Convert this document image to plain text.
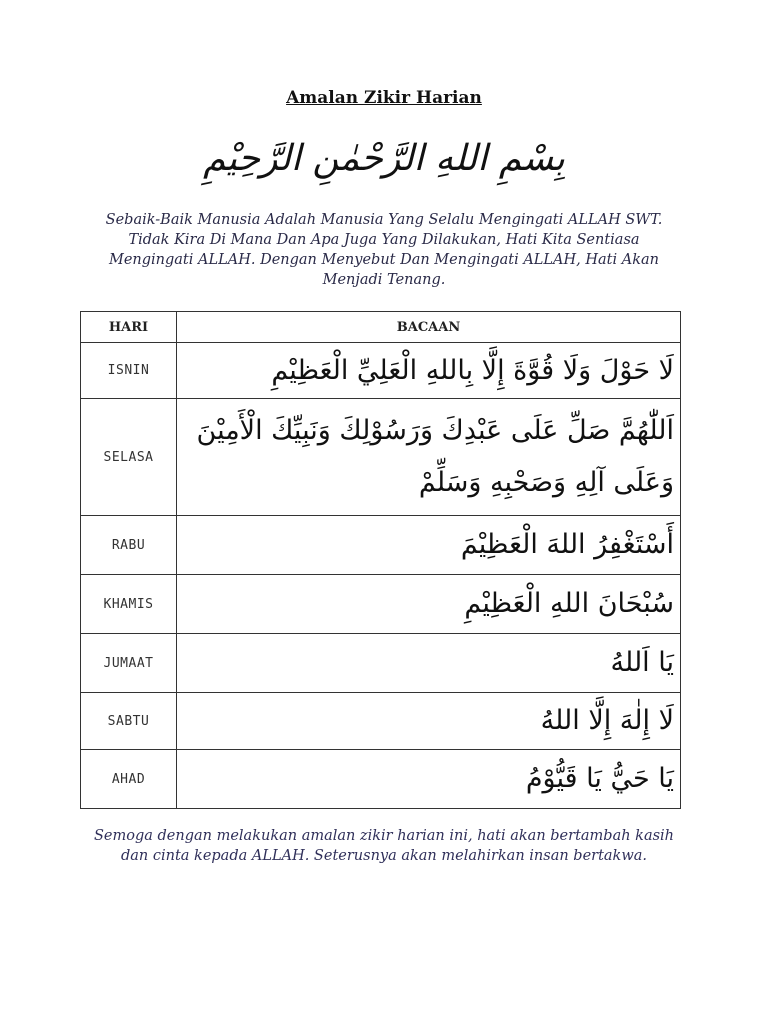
Amalan Zikir Harian
بِسْمِ اللهِ الرَّحْمٰنِ الرَّحِيْمِ
Sebaik-Baik Manusia Adalah Manusia Yang Selalu Mengingati ALLAH SWT. Tidak Kira Di Mana Dan Apa Juga Yang Dilakukan, Hati Kita Sentiasa Mengingati ALLAH. Dengan Menyebut Dan Mengingati ALLAH, Hati Akan Menjadi Tenang.
HARI	BACAAN
ISNIN	لَا حَوْلَ وَلَا قُوَّةَ إِلَّا بِاللهِ الْعَلِيِّ الْعَظِيْمِ
SELASA	اَللّٰهُمَّ صَلِّ عَلَى عَبْدِكَ وَرَسُوْلِكَ وَنَبِيِّكَ الْأَمِيْنَ وَعَلَى آلِهِ وَصَحْبِهِ وَسَلِّمْ
RABU	أَسْتَغْفِرُ اللهَ الْعَظِيْمَ
KHAMIS	سُبْحَانَ اللهِ الْعَظِيْمِ
JUMAAT	يَا اَللهُ
SABTU	لَا إِلٰهَ إِلَّا اللهُ
AHAD	يَا حَيُّ يَا قَيُّوْمُ
Semoga dengan melakukan amalan zikir harian ini, hati akan bertambah kasih dan cinta kepada ALLAH. Seterusnya akan melahirkan insan bertakwa.
